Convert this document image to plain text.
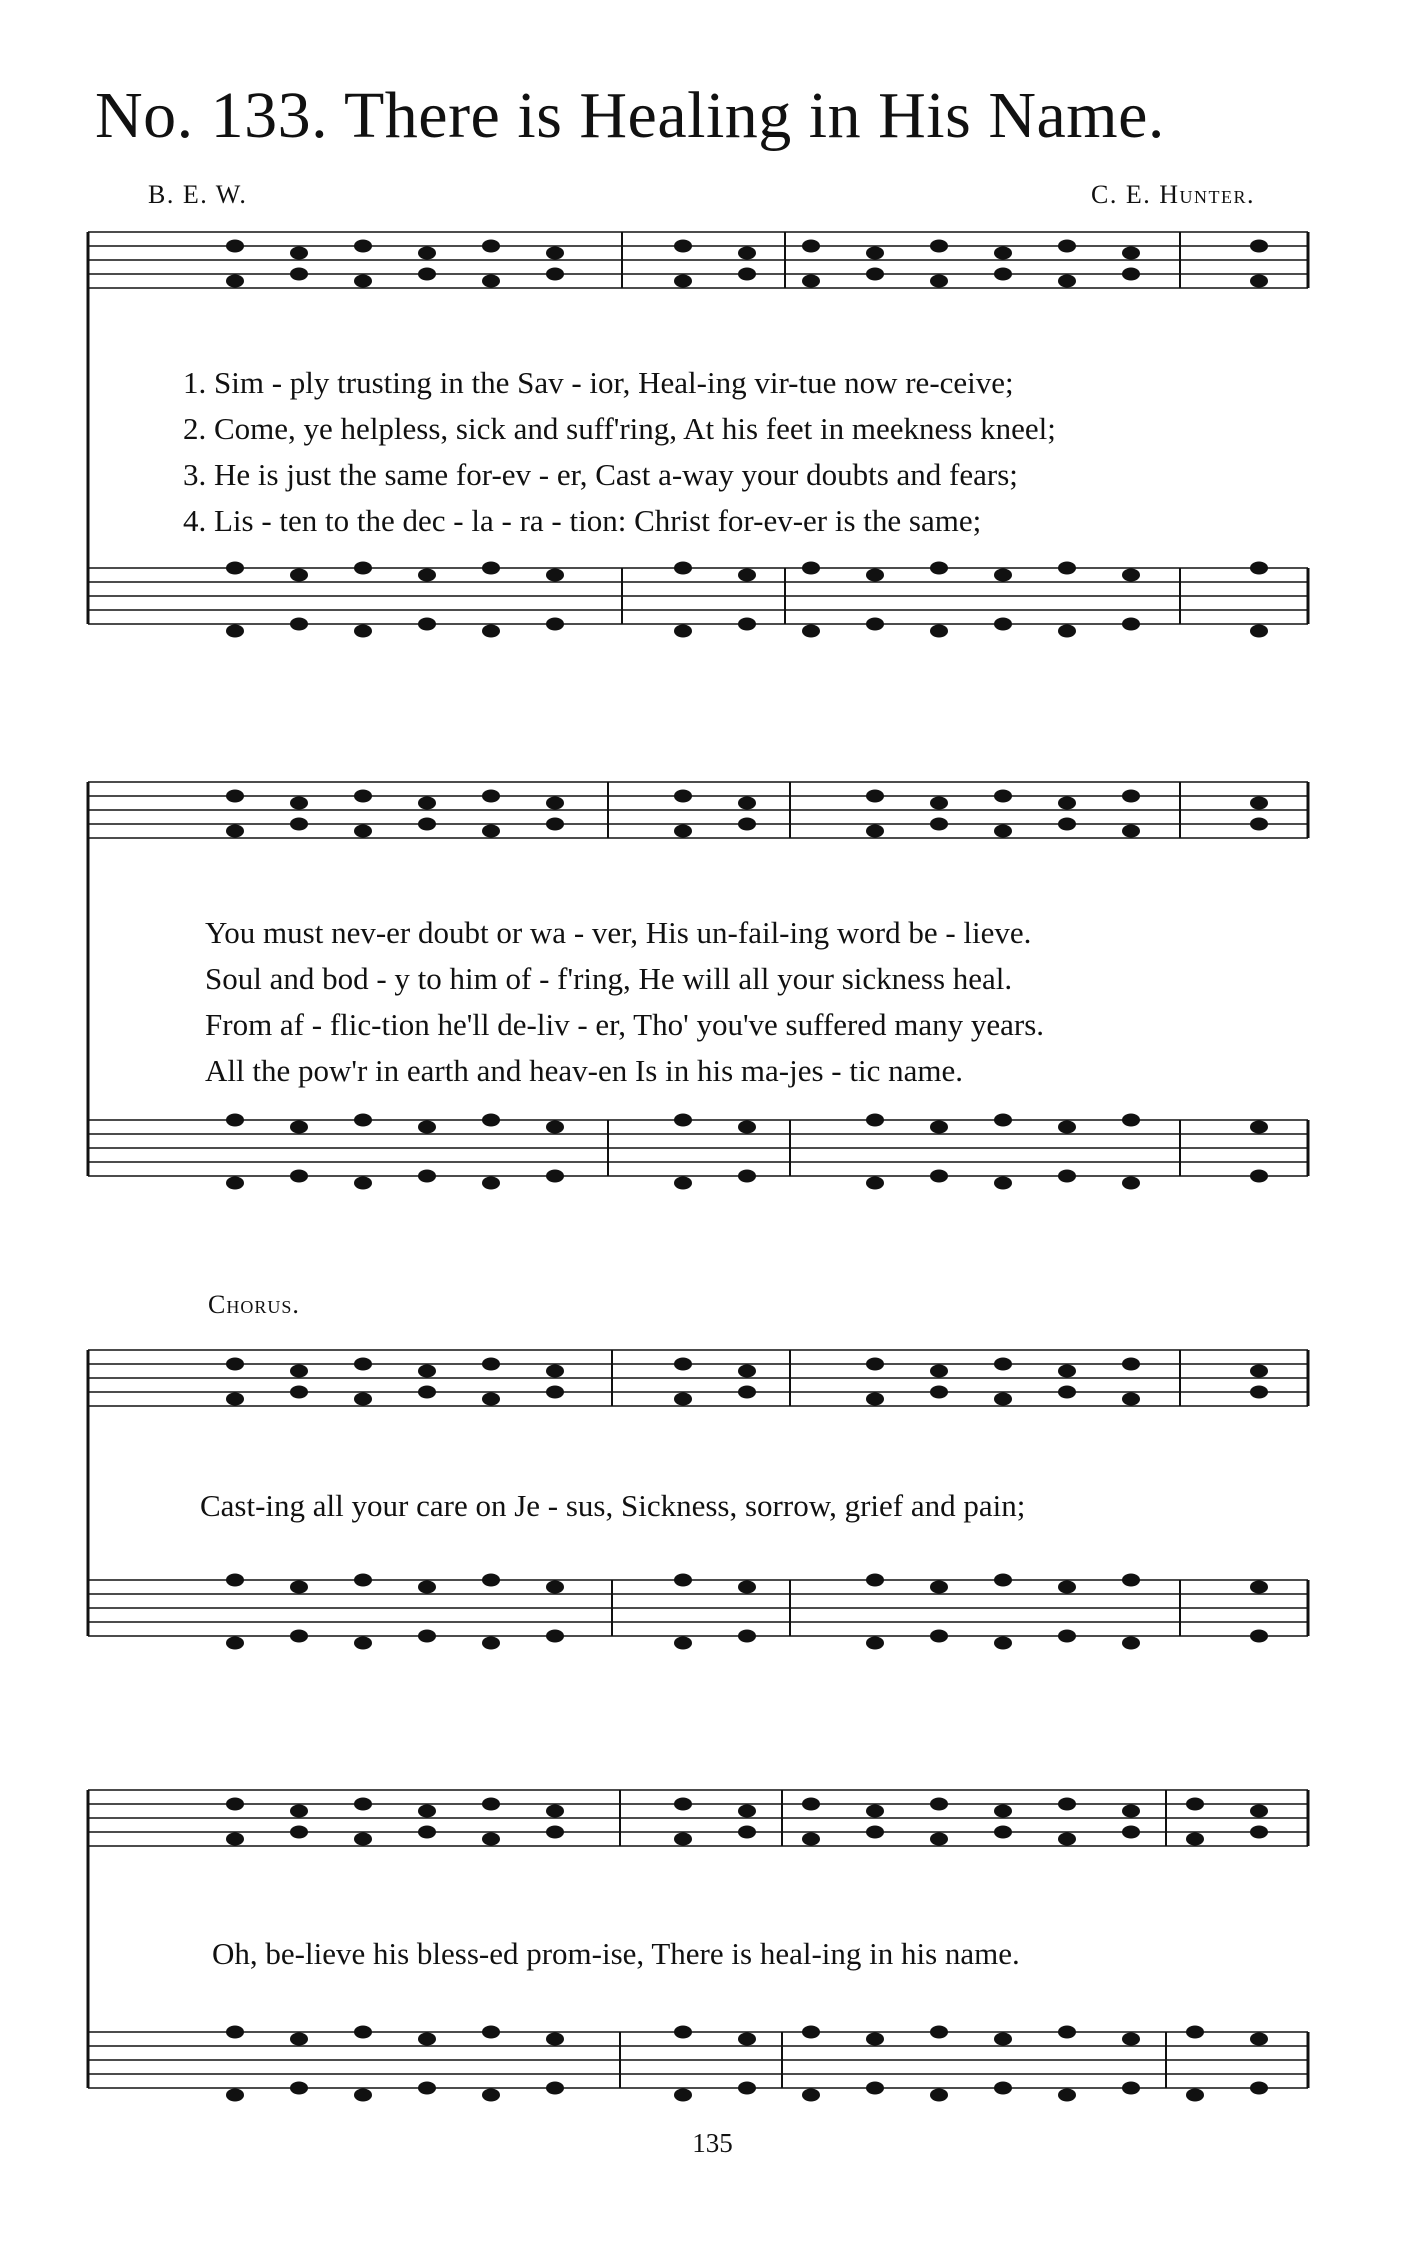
No. 133. There is Healing in His Name.
B. E. W.	C. E. Hunter.
1. Sim - ply trusting in the Sav - ior, Heal-ing vir-tue now re-ceive;
2. Come, ye helpless, sick and suff'ring, At his feet in meekness kneel;
3. He is just the same for-ev - er, Cast a-way your doubts and fears;
4. Lis - ten to the dec - la - ra - tion: Christ for-ev-er is the same;
You must nev-er doubt or wa - ver, His un-fail-ing word be - lieve.
Soul and bod - y to him of - f'ring, He will all your sickness heal.
From af - flic-tion he'll de-liv - er, Tho' you've suffered many years.
All the pow'r in earth and heav-en Is in his ma-jes - tic name.
Chorus.
Cast-ing all your care on Je - sus, Sickness, sorrow, grief and pain;
Oh, be-lieve his bless-ed prom-ise, There is heal-ing in his name.
135
